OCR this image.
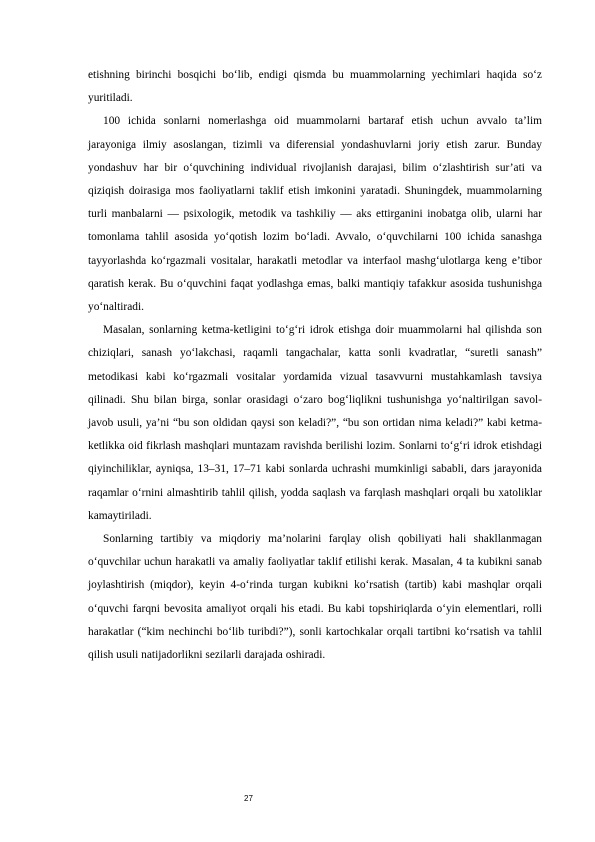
etishning birinchi bosqichi bo‘lib, endigi qismda bu muammolarning yechimlari haqida so‘z yuritiladi.

100 ichida sonlarni nomerlashga oid muammolarni bartaraf etish uchun avvalo ta’lim jarayoniga ilmiy asoslangan, tizimli va diferensial yondashuvlarni joriy etish zarur. Bunday yondashuv har bir o‘quvchining individual rivojlanish darajasi, bilim o‘zlashtirish sur’ati va qiziqish doirasiga mos faoliyatlarni taklif etish imkonini yaratadi. Shuningdek, muammolarning turli manbalarni — psixologik, metodik va tashkiliy — aks ettirganini inobatga olib, ularni har tomonlama tahlil asosida yo‘qotish lozim bo‘ladi. Avvalo, o‘quvchilarni 100 ichida sanashga tayyorlashda ko‘rgazmali vositalar, harakatli metodlar va interfaol mashg‘ulotlarga keng e’tibor qaratish kerak. Bu o‘quvchini faqat yodlashga emas, balki mantiqiy tafakkur asosida tushunishga yo‘naltiradi.

Masalan, sonlarning ketma-ketligini to‘g‘ri idrok etishga doir muammolarni hal qilishda son chiziqlari, sanash yo‘lakchasi, raqamli tangachalar, katta sonli kvadratlar, “suretli sanash” metodikasi kabi ko‘rgazmali vositalar yordamida vizual tasavvurni mustahkamlash tavsiya qilinadi. Shu bilan birga, sonlar orasidagi o‘zaro bog‘liqlikni tushunishga yo‘naltirilgan savol-javob usuli, ya’ni “bu son oldidan qaysi son keladi?”, “bu son ortidan nima keladi?” kabi ketma-ketlikka oid fikrlash mashqlari muntazam ravishda berilishi lozim. Sonlarni to‘g‘ri idrok etishdagi qiyinchiliklar, ayniqsa, 13–31, 17–71 kabi sonlarda uchrashi mumkinligi sababli, dars jarayonida raqamlar o‘rnini almashtirib tahlil qilish, yodda saqlash va farqlash mashqlari orqali bu xatoliklar kamaytiriladi.

Sonlarning tartibiy va miqdoriy ma’nolarini farqlay olish qobiliyati hali shakllanmagan o‘quvchilar uchun harakatli va amaliy faoliyatlar taklif etilishi kerak. Masalan, 4 ta kubikni sanab joylashtirish (miqdor), keyin 4-o‘rinda turgan kubikni ko‘rsatish (tartib) kabi mashqlar orqali o‘quvchi farqni bevosita amaliyot orqali his etadi. Bu kabi topshiriqlarda o‘yin elementlari, rolli harakatlar (“kim nechinchi bo‘lib turibdi?”), sonli kartochkalar orqali tartibni ko‘rsatish va tahlil qilish usuli natijadorlikni sezilarli darajada oshiradi.

27
